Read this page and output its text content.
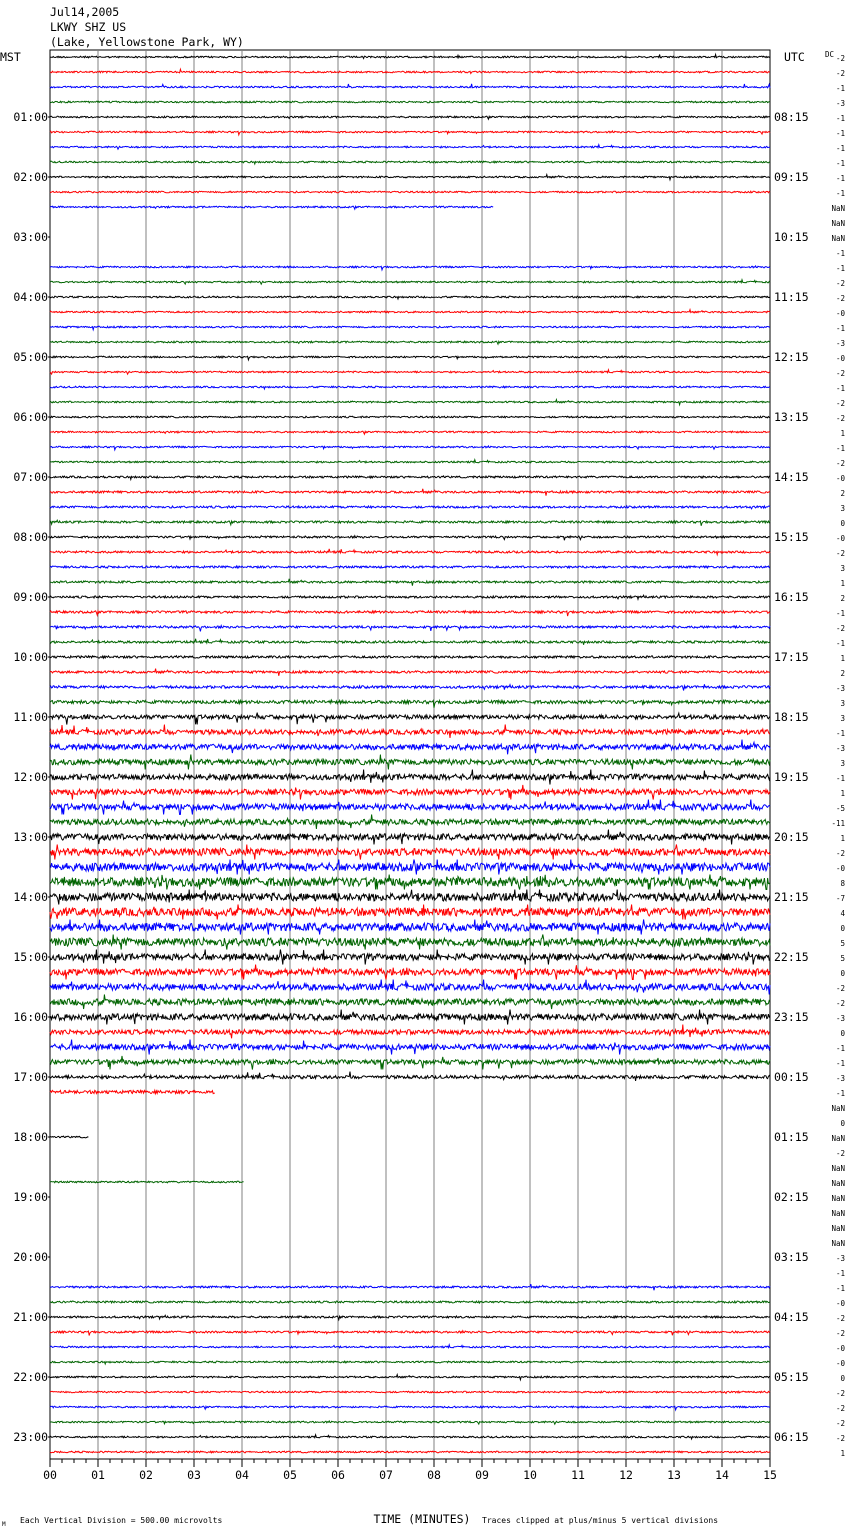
Jul14,2005
LKWY SHZ US
(Lake, Yellowstone Park, WY)
MST	UTC	DC -2
-2
-1
-3
-1
-1
-1
-1
-1
-1
NaN
NaN
NaN
-1
-1
-2
-2
-0
-1
-3
-0
-2
-1
-2
-2
1
-1
-2
-0
2
3
0
-0
-2
3
1
2
-1
-2
-1
1
2
-3
3
3
-1
-3
3
-1
1
-5
-11
1
-2
-0
8
-7
4
0
5
5
0
-2
-2
-3
0
-1
-1
-3
-1
NaN
0
NaN
-2
NaN
NaN
NaN
NaN
NaN
NaN
-3
-1
-1
-0
-2
-2
-0
-0
0
-2
-2
-2
-2
1
01:00
02:00
03:00
04:00
05:00
06:00
07:00
08:00
09:00
10:00
11:00
12:00
13:00
14:00
15:00
16:00
17:00
18:00
19:00
20:00
21:00
22:00
23:00
08:15
09:15
10:15
11:15
12:15
13:15
14:15
15:15
16:15
17:15
18:15
19:15
20:15
21:15
22:15
23:15
00:15
01:15
02:15
03:15
04:15
05:15
06:15
00	01	02	03	04	05	06	07	08	09	10	11	12	13	14	15
M Each Vertical Division = 500.00 microvolts	TIME (MINUTES) Traces clipped at plus/minus 5 vertical divisions
